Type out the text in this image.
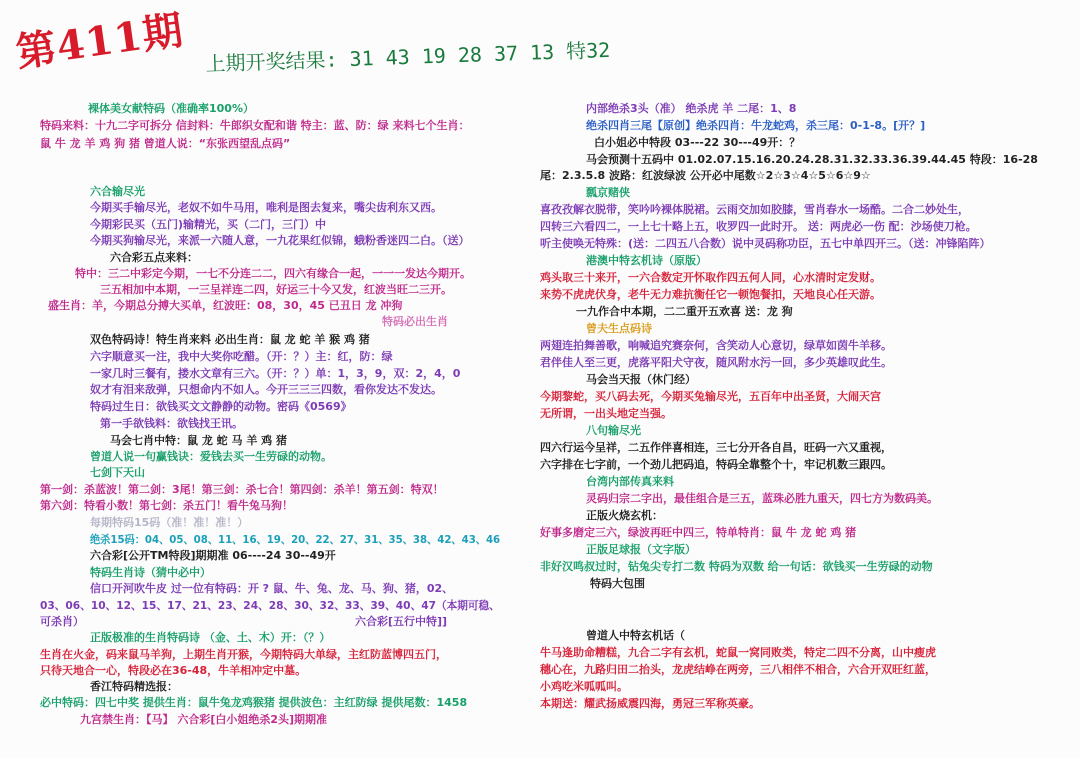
第411期 上期开奖结果: 31 43 19 28 37 13 特32
裸体美女献特码（准确率100%）
特码来料：十九二字可拆分 信封料：牛郎织女配和谐 特主：蓝、防：绿 来料七个生肖：
鼠 牛 龙 羊 鸡 狗 猪 曾道人说：“东张西望乱点码”
六合输尽光
今期买手输尽光，老奴不如牛马用，唯利是图去复来，嘴尖齿利东又西。
今期彩民买（五门)输精光，买（二门，三门）中
今期买狗输尽光，来派一六随人意，一九花果红似锦，蛾粉香迷四二白。（送）
六合彩五点来料：
特中：三二中彩定今期，一七不分连二二，四六有缘合一起，一一一发达今期开。
三五相加中本期，一三呈祥连二四，好运三十今又发，红波当旺二三开。
盛生肖：羊，今期总分搏大买单，红波旺：08，30，45 已丑日 龙 冲狗
特码必出生肖
双色特码诗！特生肖来料 必出生肖：鼠 龙 蛇 羊 猴 鸡 猪
六字顺意买一注，我中大奖你吃醋。（开：？）主：红，防：绿
一家几时三餐有，搂水文章有三六。（开：？）单：1，3，9，双：2，4，0
奴才有泪来敌弹，只想命内不如人。今开三三三四数，看你发达不发达。
特码过生日：欲钱买文文静静的动物。密码《0569》
第一手欲钱料：欲钱找王讯。
马会七肖中特：鼠 龙 蛇 马 羊 鸡 猪
曾道人说一句赢钱诀：爱钱去买一生劳碌的动物。
七剑下天山
第一剑：杀蓝波！第二剑：3尾！第三剑：杀七合！第四剑：杀羊！第五剑：特双！
第六剑：特看小数！第七剑：杀五门！看牛兔马狗！
每期特码15码（准！准！准！）
绝杀15码：04、05、08、11、16、19、20、22、27、31、35、38、42、43、46
六合彩[公开TM特段]期期准 06----24 30--49开
特码生肖诗（猜中必中）
信口开河吹牛皮 过一位有特码：开 ? 鼠、牛、兔、龙、马、狗、猪，02、
03、06、10、12、15、17、21、23、24、28、30、32、33、39、40、47（本期可稳、
可杀肖）	六合彩[五行中特]]
正版极准的生肖特码诗 （金、土、木）开：（？）
生肖在火金，码来鼠马羊狗，上期生肖开猴，今期特码大单绿，主红防蓝博四五门，
只待天地合一心，特段必在36-48，牛羊相冲定中墓。
香江特码精选报：
必中特码：四七中奖 提供生肖：鼠牛兔龙鸡猴猪 提供波色：主红防绿 提供尾数：1458
九宫禁生肖：【马】 六合彩[白小姐绝杀2头]期期准
内部绝杀3头（准） 绝杀虎 羊 二尾：1、8
绝杀四肖三尾【原创】绝杀四肖：牛龙蛇鸡，杀三尾：0-1-8。[开？]
白小姐必中特段 03---22 30---49开：？
马会预测十五码中 01.02.07.15.16.20.24.28.31.32.33.36.39.44.45 特段：16-28
尾：2.3.5.8 波路：红波绿波 公开必中尾数☆2☆3☆4☆5☆6☆9☆
瓢京赌侠
喜孜孜解衣脱带，笑吟吟裸体脱裙。云雨交加如胶膝，雪肖春水一场酷。二合二妙处生，
四转三六看四二，一上七十略上五，收罗四一此时开。 送：两虎必一伤 配：沙场使刀枪。
听主使唤无特殊：(送：二四五八合数）说中灵码称功臣，五七中单四开三。（送：冲锋陷阵）
港澳中特玄机诗（原版）
鸡头取三十来开，一六合数定开怀取作四五何人同，心水清时定发财。
来势不虎虎伏身，老牛无力难抗衡任它一顿饱餐扣，天地良心任天游。
一九作合中本期，二二重开五欢喜 送：龙 狗
曾夫生点码诗
两翅连拍舞善歌，响喊追究赛奈何，含笑动人心意切，绿草如茵牛羊移。
君伴佳人至三更，虎落平阳犬守夜，随风附水污一回，多少英雄叹此生。
马会当天报（休门经）
今期黎蛇，买八码去死，今期买兔输尽光，五百年中出圣贤，大闹天宫
无所谓，一出头地定当强。
八句输尽光
四六行运今呈祥，二五作伴喜相连，三七分开各自昌，旺码一六又重视，
六字排在七字前，一个劲儿把码追，特码全靠整个十，牢记机数三跟四。
台湾内部传真来料
灵码归宗二字出，最佳组合是三五，蓝珠必胜九重天，四七方为数码美。
正版火烧玄机：
好事多磨定三六，绿波再旺中四三，特单特肖：鼠 牛 龙 蛇 鸡 猪
正版足球报（文字版）
非好汉鸣叔过时，钻兔尖专打二数 特码为双数 给一句话：欲钱买一生劳碌的动物
特码大包围
曾道人中特玄机话（
牛马逢助命糟糕，九合二字有玄机，蛇鼠一窝同败类，特定二四不分离，山中瘦虎
穗心在，九路归田二抬头，龙虎结峥在两旁，三八相伴不相合，六合开双旺红蓝，
小鸡吃米呱呱叫。
本期送：耀武扬威震四海，勇冠三军称英豪。
